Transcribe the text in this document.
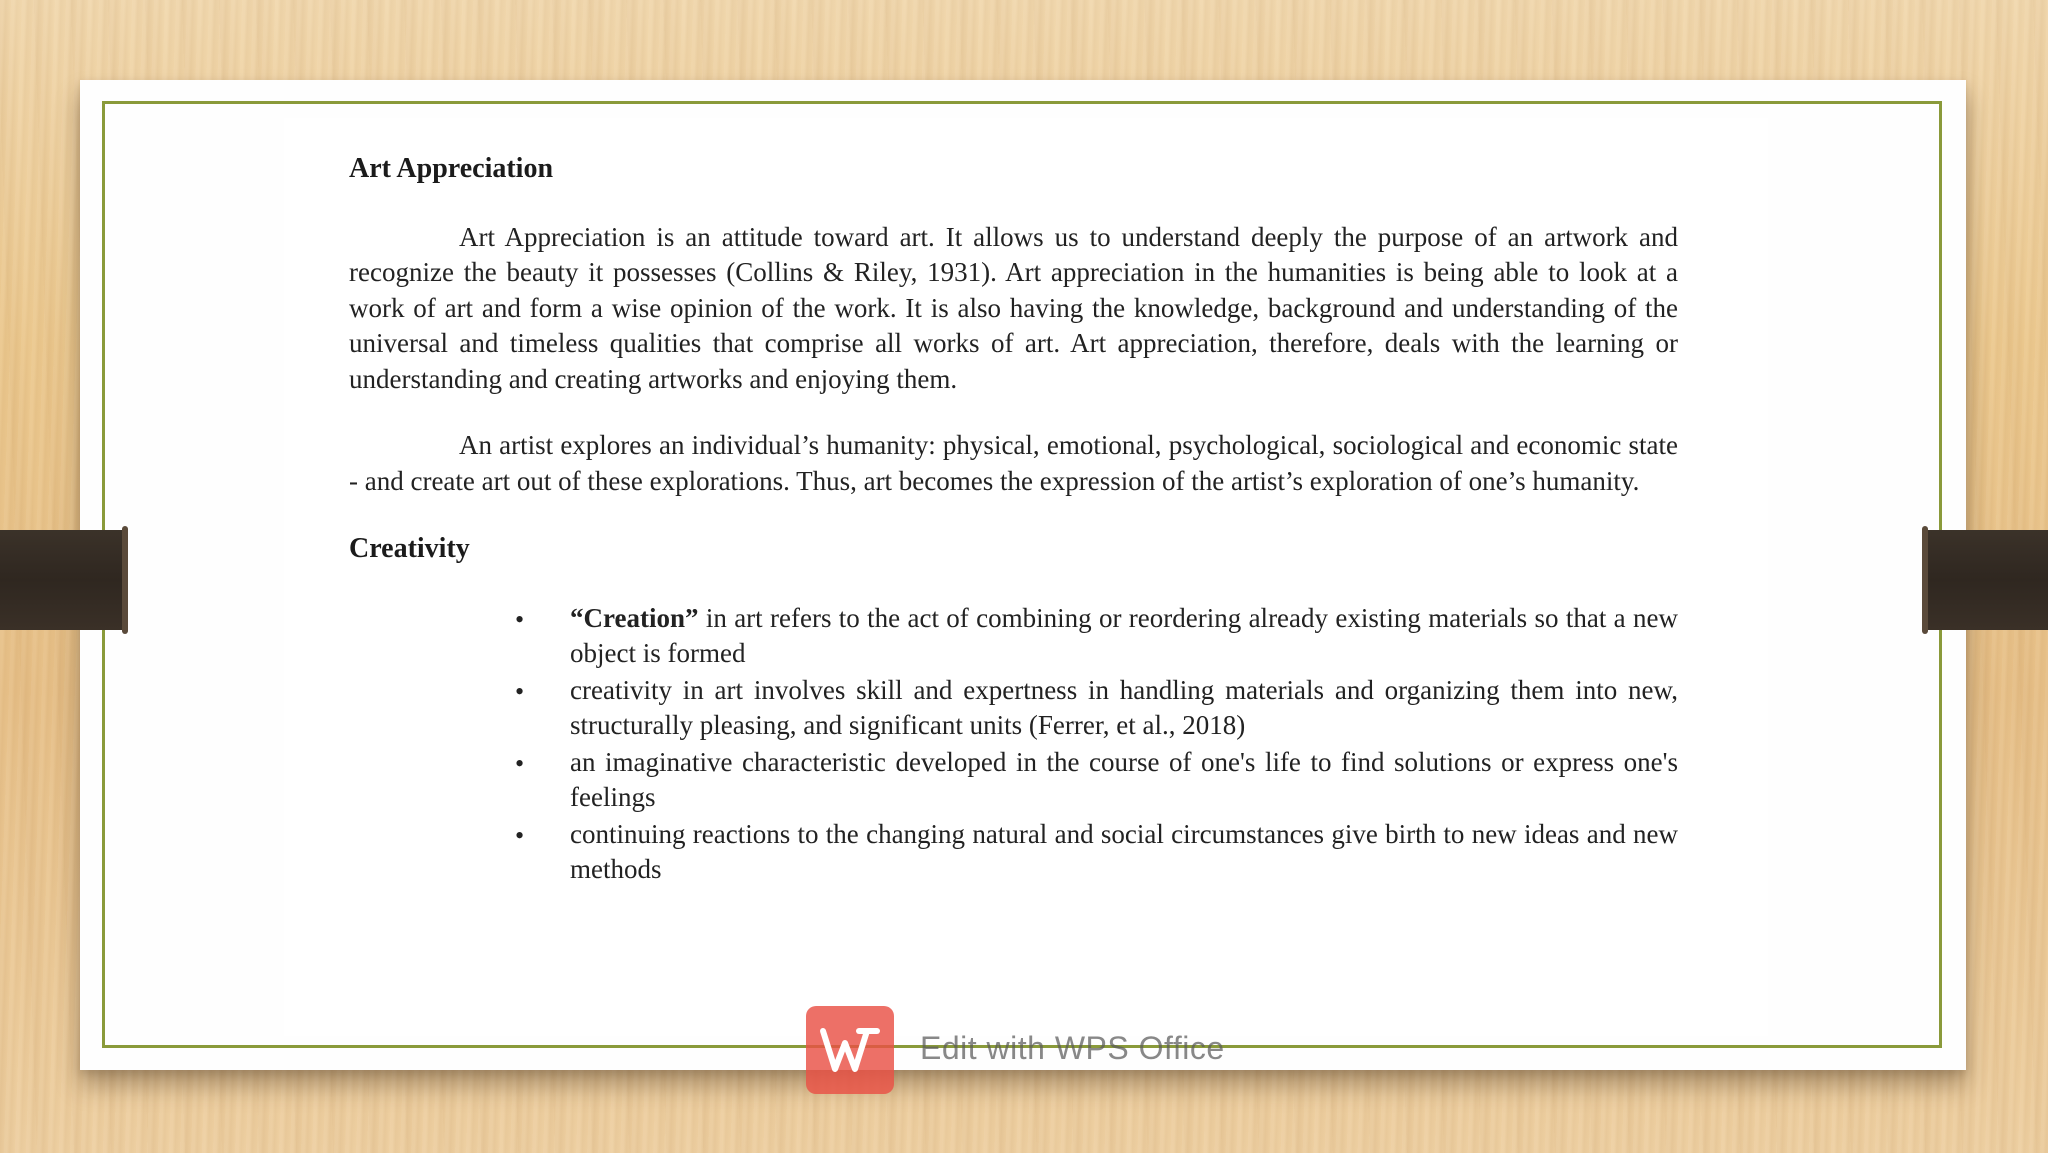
Art Appreciation

Art Appreciation is an attitude toward art. It allows us to understand deeply the purpose of an artwork and recognize the beauty it possesses (Collins & Riley, 1931). Art appreciation in the humanities is being able to look at a work of art and form a wise opinion of the work. It is also having the knowledge, background and understanding of the universal and timeless qualities that comprise all works of art. Art appreciation, therefore, deals with the learning or understanding and creating artworks and enjoying them.

An artist explores an individual’s humanity: physical, emotional, psychological, sociological and economic state - and create art out of these explorations. Thus, art becomes the expression of the artist’s exploration of one’s humanity.

Creativity
• “Creation” in art refers to the act of combining or reordering already existing materials so that a new object is formed
• creativity in art involves skill and expertness in handling materials and organizing them into new, structurally pleasing, and significant units (Ferrer, et al., 2018)
• an imaginative characteristic developed in the course of one's life to find solutions or express one's feelings
• continuing reactions to the changing natural and social circumstances give birth to new ideas and new methods
Edit with WPS Office
